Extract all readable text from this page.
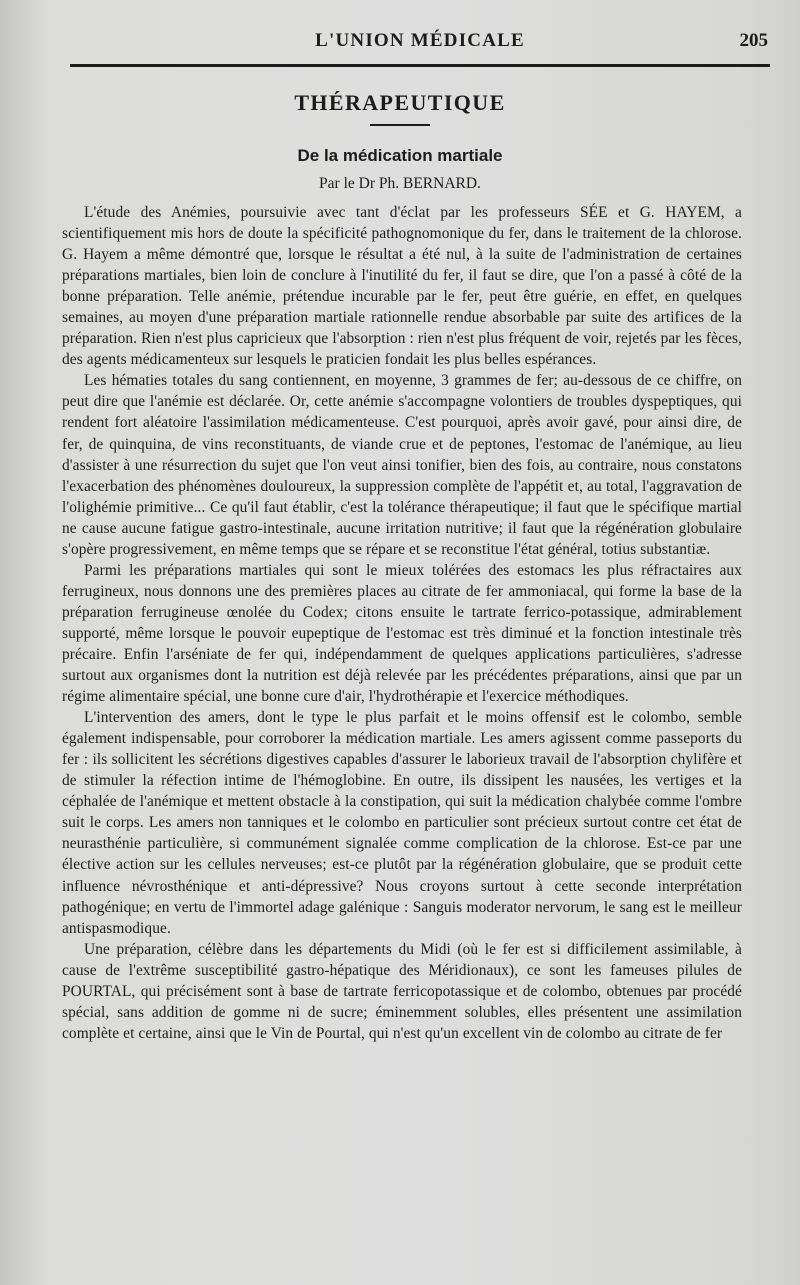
L'UNION MÉDICALE	205
THÉRAPEUTIQUE
De la médication martiale
Par le Dr Ph. BERNARD.

L'étude des Anémies, poursuivie avec tant d'éclat par les professeurs SÉE et G. HAYEM, a scientifiquement mis hors de doute la spécificité pathognomonique du fer, dans le traitement de la chlorose. G. Hayem a même démontré que, lorsque le résultat a été nul, à la suite de l'administration de certaines préparations martiales, bien loin de conclure à l'inutilité du fer, il faut se dire, que l'on a passé à côté de la bonne préparation. Telle anémie, prétendue incurable par le fer, peut être guérie, en effet, en quelques semaines, au moyen d'une préparation martiale rationnelle rendue absorbable par suite des artifices de la préparation. Rien n'est plus capricieux que l'absorption : rien n'est plus fréquent de voir, rejetés par les fèces, des agents médicamenteux sur lesquels le praticien fondait les plus belles espérances.

Les hématies totales du sang contiennent, en moyenne, 3 grammes de fer; au-dessous de ce chiffre, on peut dire que l'anémie est déclarée. Or, cette anémie s'accompagne volontiers de troubles dyspeptiques, qui rendent fort aléatoire l'assimilation médicamenteuse. C'est pourquoi, après avoir gavé, pour ainsi dire, de fer, de quinquina, de vins reconstituants, de viande crue et de peptones, l'estomac de l'anémique, au lieu d'assister à une résurrection du sujet que l'on veut ainsi tonifier, bien des fois, au contraire, nous constatons l'exacerbation des phénomènes douloureux, la suppression complète de l'appétit et, au total, l'aggravation de l'olighémie primitive... Ce qu'il faut établir, c'est la tolérance thérapeutique; il faut que le spécifique martial ne cause aucune fatigue gastro-intestinale, aucune irritation nutritive; il faut que la régénération globulaire s'opère progressivement, en même temps que se répare et se reconstitue l'état général, totius substantiæ.

Parmi les préparations martiales qui sont le mieux tolérées des estomacs les plus réfractaires aux ferrugineux, nous donnons une des premières places au citrate de fer ammoniacal, qui forme la base de la préparation ferrugineuse œnolée du Codex; citons ensuite le tartrate ferrico-potassique, admirablement supporté, même lorsque le pouvoir eupeptique de l'estomac est très diminué et la fonction intestinale très précaire. Enfin l'arséniate de fer qui, indépendamment de quelques applications particulières, s'adresse surtout aux organismes dont la nutrition est déjà relevée par les précédentes préparations, ainsi que par un régime alimentaire spécial, une bonne cure d'air, l'hydrothérapie et l'exercice méthodiques.

L'intervention des amers, dont le type le plus parfait et le moins offensif est le colombo, semble également indispensable, pour corroborer la médication martiale. Les amers agissent comme passeports du fer : ils sollicitent les sécrétions digestives capables d'assurer le laborieux travail de l'absorption chylifère et de stimuler la réfection intime de l'hémoglobine. En outre, ils dissipent les nausées, les vertiges et la céphalée de l'anémique et mettent obstacle à la constipation, qui suit la médication chalybée comme l'ombre suit le corps. Les amers non tanniques et le colombo en particulier sont précieux surtout contre cet état de neurasthénie particulière, si communément signalée comme complication de la chlorose. Est-ce par une élective action sur les cellules nerveuses; est-ce plutôt par la régénération globulaire, que se produit cette influence névrosthénique et anti-dépressive? Nous croyons surtout à cette seconde interprétation pathogénique; en vertu de l'immortel adage galénique : Sanguis moderator nervorum, le sang est le meilleur antispasmodique.

Une préparation, célèbre dans les départements du Midi (où le fer est si difficilement assimilable, à cause de l'extrême susceptibilité gastro-hépatique des Méridionaux), ce sont les fameuses pilules de POURTAL, qui précisément sont à base de tartrate ferricopotassique et de colombo, obtenues par procédé spécial, sans addition de gomme ni de sucre; éminemment solubles, elles présentent une assimilation complète et certaine, ainsi que le Vin de Pourtal, qui n'est qu'un excellent vin de colombo au citrate de fer
